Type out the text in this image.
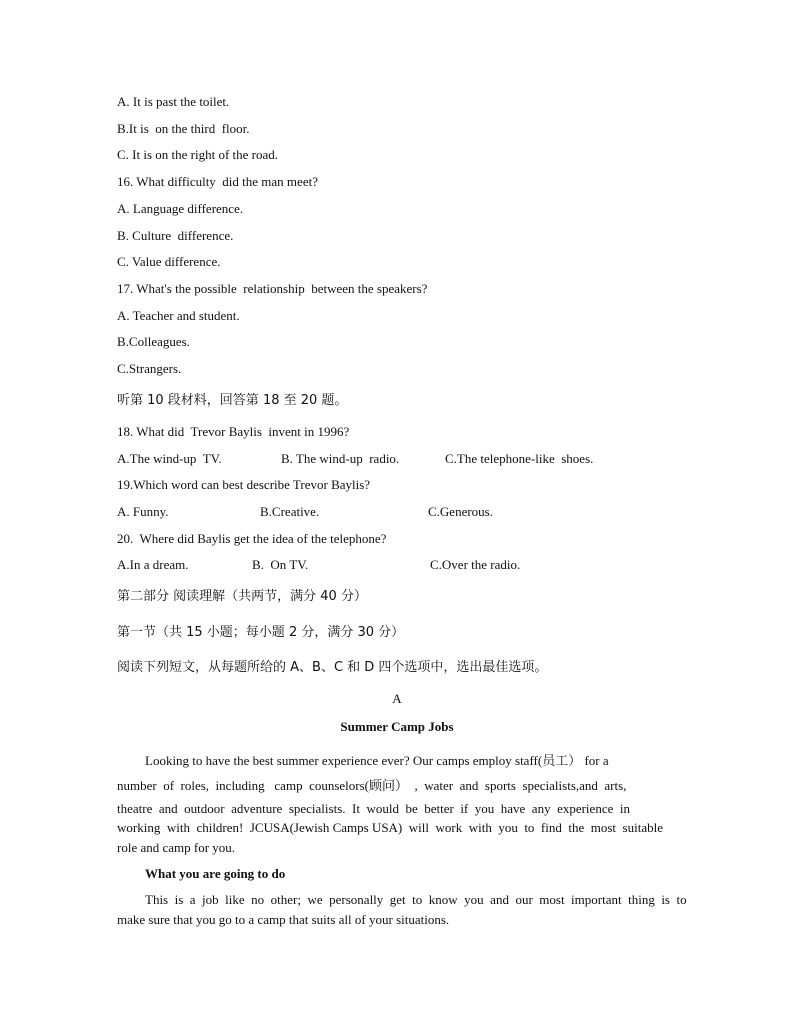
A. It is past the toilet.
B.It is  on the third  floor.
C. It is on the right of the road.
16. What difficulty  did the man meet?
A. Language difference.
B. Culture  difference.
C. Value difference.
17. What's the possible  relationship  between the speakers?
A. Teacher and student.
B.Colleagues.
C.Strangers.
听第 10 段材料，回答第 18 至 20 题。
18. What did  Trevor Baylis  invent in 1996?
A.The wind-up  TV.	B. The wind-up  radio.	C.The telephone-like  shoes.
19.Which word can best describe Trevor Baylis?
A. Funny.	B.Creative.	C.Generous.
20.  Where did Baylis get the idea of the telephone?
A.In a dream.	B.  On TV.	C.Over the radio.
第二部分 阅读理解（共两节，满分 40 分）
第一节（共 15 小题；每小题 2 分，满分 30 分）
阅读下列短文，从每题所给的 A、B、C 和 D 四个选项中，选出最佳选项。
A
Summer Camp Jobs

Looking to have the best summer experience ever? Our camps employ staff(员工） for a

number  of  roles,  including   camp  counselors(顾问）  ,  water  and  sports  specialists,and  arts,
theatre  and  outdoor  adventure  specialists.  It  would  be  better  if  you  have  any  experience  in
working  with  children!  JCUSA(Jewish Camps USA)  will  work  with  you  to  find  the  most  suitable
role and camp for you.
What you are going to do
This  is  a  job  like  no  other;  we  personally  get  to  know  you  and  our  most  important  thing  is  to
make sure that you go to a camp that suits all of your situations.
